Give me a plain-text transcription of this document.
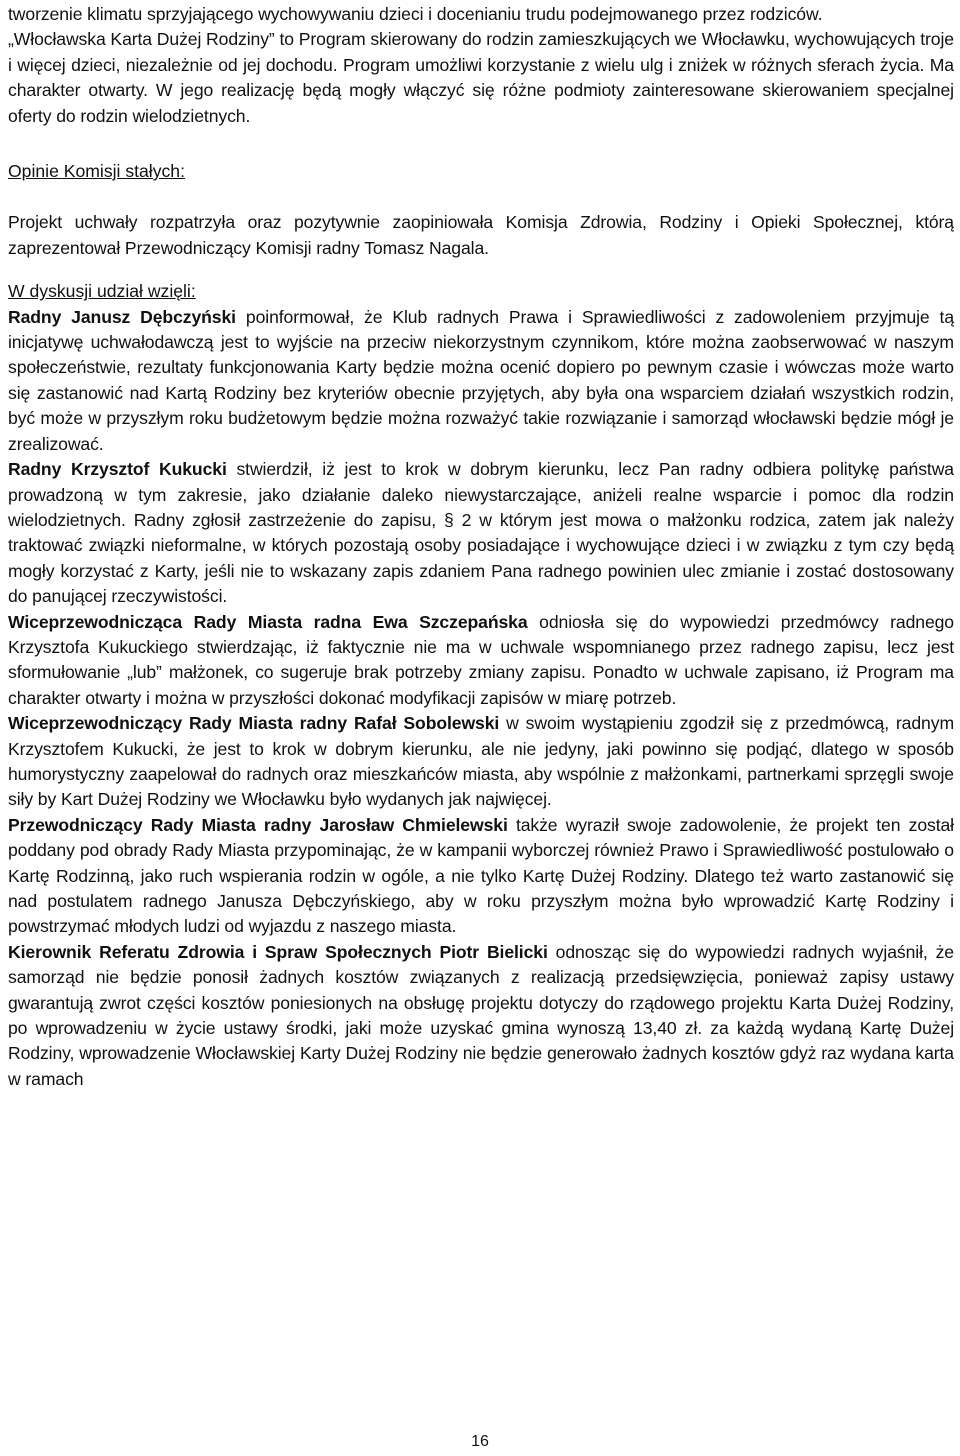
tworzenie klimatu sprzyjającego wychowywaniu dzieci i docenianiu trudu podejmowanego przez rodziców.

„Włocławska Karta Dużej Rodziny” to Program skierowany do rodzin zamieszkujących we Włocławku, wychowujących troje i więcej dzieci, niezależnie od jej dochodu. Program umożliwi korzystanie z wielu ulg i zniżek w różnych sferach życia. Ma charakter otwarty. W jego realizację będą mogły włączyć się różne podmioty zainteresowane skierowaniem specjalnej oferty do rodzin wielodzietnych.

Opinie Komisji stałych:

Projekt uchwały rozpatrzyła oraz pozytywnie zaopiniowała Komisja Zdrowia, Rodziny i Opieki Społecznej, którą zaprezentował Przewodniczący Komisji radny Tomasz Nagala.

W dyskusji udział wzięli:

Radny Janusz Dębczyński poinformował, że Klub radnych Prawa i Sprawiedliwości z zadowoleniem przyjmuje tą inicjatywę uchwałodawczą jest to wyjście na przeciw niekorzystnym czynnikom, które można zaobserwować w naszym społeczeństwie, rezultaty funkcjonowania Karty będzie można ocenić dopiero po pewnym czasie i wówczas może warto się zastanowić nad Kartą Rodziny bez kryteriów obecnie przyjętych, aby była ona wsparciem działań wszystkich rodzin, być może w przyszłym roku budżetowym będzie można rozważyć takie rozwiązanie i samorząd włocławski będzie mógł je zrealizować.

Radny Krzysztof Kukucki stwierdził, iż jest to krok w dobrym kierunku, lecz Pan radny odbiera politykę państwa prowadzoną w tym zakresie, jako działanie daleko niewystarczające, aniżeli realne wsparcie i pomoc dla rodzin wielodzietnych. Radny zgłosił zastrzeżenie do zapisu, § 2 w którym jest mowa o małżonku rodzica, zatem jak należy traktować związki nieformalne, w których pozostają osoby posiadające i wychowujące dzieci i w związku z tym czy będą mogły korzystać z Karty, jeśli nie to wskazany zapis zdaniem Pana radnego powinien ulec zmianie i zostać dostosowany do panującej rzeczywistości.

Wiceprzewodnicząca Rady Miasta radna Ewa Szczepańska odniosła się do wypowiedzi przedmówcy radnego Krzysztofa Kukuckiego stwierdzając, iż faktycznie nie ma w uchwale wspomnianego przez radnego zapisu, lecz jest sformułowanie „lub” małżonek, co sugeruje brak potrzeby zmiany zapisu. Ponadto w uchwale zapisano, iż Program ma charakter otwarty i można w przyszłości dokonać modyfikacji zapisów w miarę potrzeb.

Wiceprzewodniczący Rady Miasta radny Rafał Sobolewski w swoim wystąpieniu zgodził się z przedmówcą, radnym Krzysztofem Kukucki, że jest to krok w dobrym kierunku, ale nie jedyny, jaki powinno się podjąć, dlatego w sposób humorystyczny zaapelował do radnych oraz mieszkańców miasta, aby wspólnie z małżonkami, partnerkami sprzęgli swoje siły by Kart Dużej Rodziny we Włocławku było wydanych jak najwięcej.

Przewodniczący Rady Miasta radny Jarosław Chmielewski także wyraził swoje zadowolenie, że projekt ten został poddany pod obrady Rady Miasta przypominając, że w kampanii wyborczej również Prawo i Sprawiedliwość postulowało o Kartę Rodzinną, jako ruch wspierania rodzin w ogóle, a nie tylko Kartę Dużej Rodziny. Dlatego też warto zastanowić się nad postulatem radnego Janusza Dębczyńskiego, aby w roku przyszłym można było wprowadzić Kartę Rodziny i powstrzymać młodych ludzi od wyjazdu z naszego miasta.

Kierownik Referatu Zdrowia i Spraw Społecznych Piotr Bielicki odnosząc się do wypowiedzi radnych wyjaśnił, że samorząd nie będzie ponosił żadnych kosztów związanych z realizacją przedsięwzięcia, ponieważ zapisy ustawy gwarantują zwrot części kosztów poniesionych na obsługę projektu dotyczy do rządowego projektu Karta Dużej Rodziny, po wprowadzeniu w życie ustawy środki, jaki może uzyskać gmina wynoszą 13,40 zł. za każdą wydaną Kartę Dużej Rodziny, wprowadzenie Włocławskiej Karty Dużej Rodziny nie będzie generowało żadnych kosztów gdyż raz wydana karta w ramach

16
